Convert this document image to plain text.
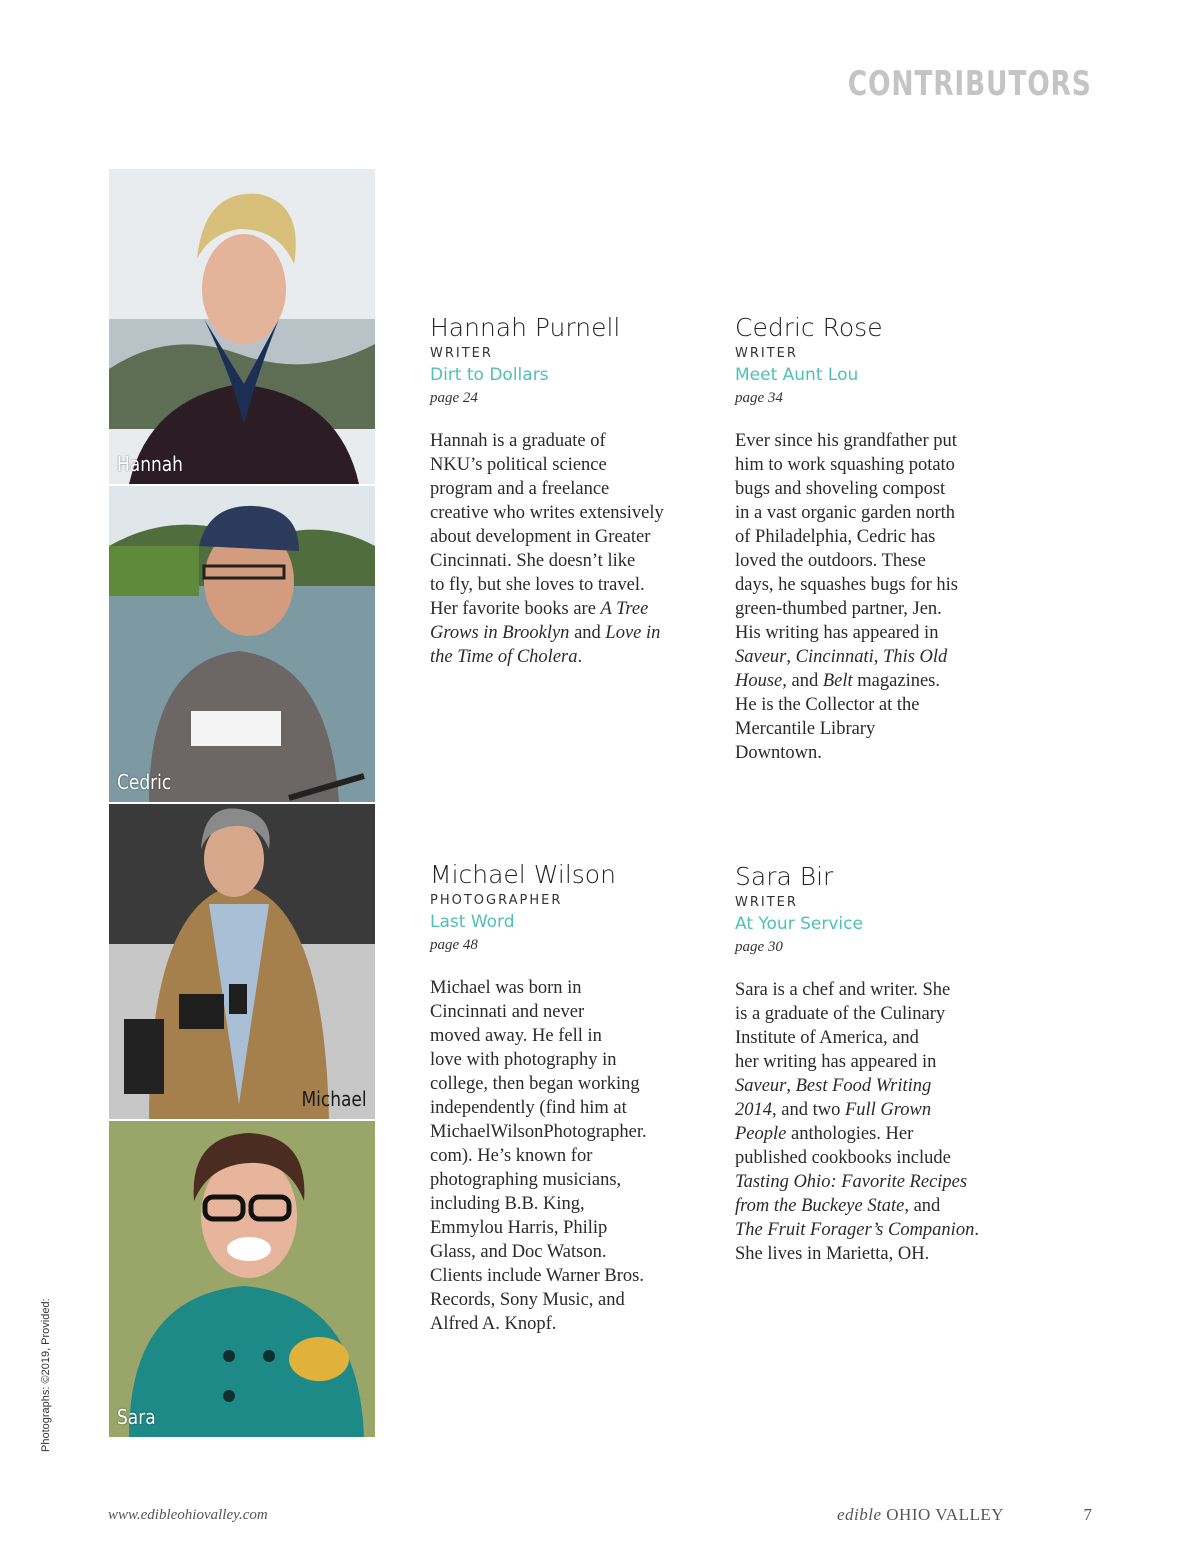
CONTRIBUTORS
Hannah
Cedric
Michael
Sara
Hannah Purnell
WRITER
Dirt to Dollars
page 24
Hannah is a graduate of
NKU’s political science
program and a freelance
creative who writes extensively
about development in Greater
Cincinnati. She doesn’t like
to fly, but she loves to travel.
Her favorite books are A Tree
Grows in Brooklyn and Love in
the Time of Cholera.
Cedric Rose
WRITER
Meet Aunt Lou
page 34
Ever since his grandfather put
him to work squashing potato
bugs and shoveling compost
in a vast organic garden north
of Philadelphia, Cedric has
loved the outdoors. These
days, he squashes bugs for his
green-thumbed partner, Jen.
His writing has appeared in
Saveur, Cincinnati, This Old
House, and Belt magazines.
He is the Collector at the
Mercantile Library
Downtown.
Michael Wilson
PHOTOGRAPHER
Last Word
page 48
Michael was born in
Cincinnati and never
moved away. He fell in
love with photography in
college, then began working
independently (find him at
MichaelWilsonPhotographer.
com). He’s known for
photographing musicians,
including B.B. King,
Emmylou Harris, Philip
Glass, and Doc Watson.
Clients include Warner Bros.
Records, Sony Music, and
Alfred A. Knopf.
Sara Bir
WRITER
At Your Service
page 30
Sara is a chef and writer. She
is a graduate of the Culinary
Institute of America, and
her writing has appeared in
Saveur, Best Food Writing
2014, and two Full Grown
People anthologies. Her
published cookbooks include
Tasting Ohio: Favorite Recipes
from the Buckeye State, and
The Fruit Forager’s Companion.
She lives in Marietta, OH.
Photographs: ©2019, Provided:
www.edibleohiovalley.com	edible OHIO VALLEY	7
